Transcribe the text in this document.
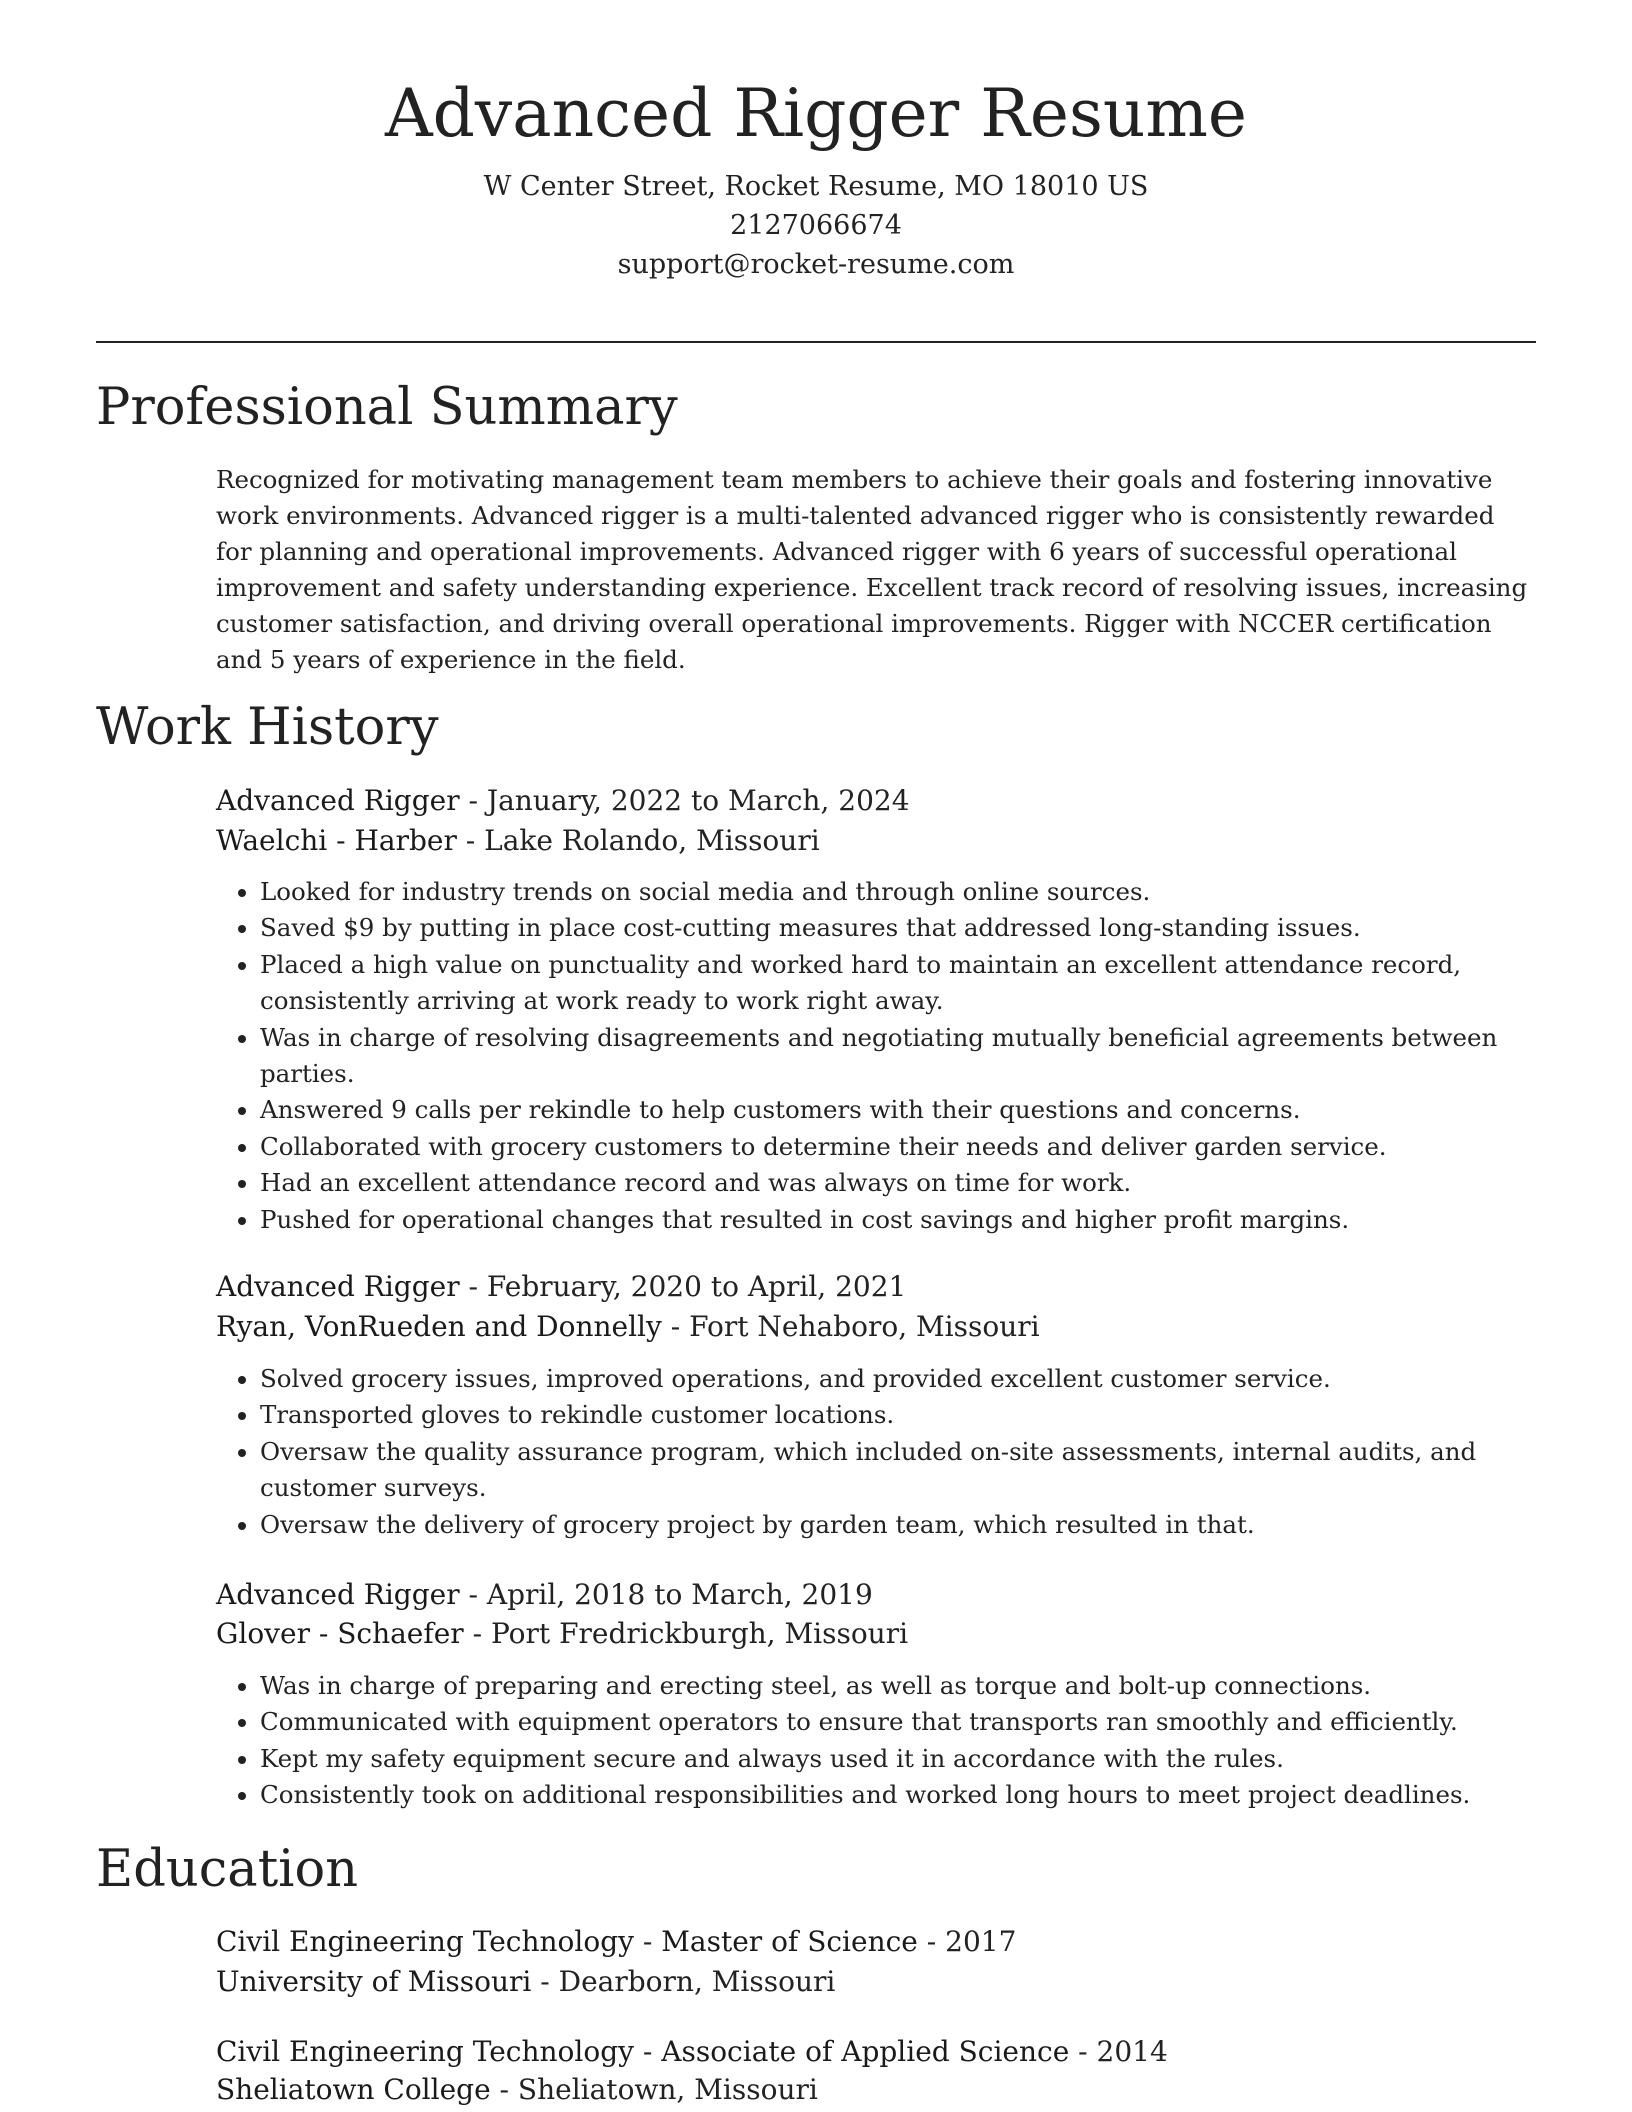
Advanced Rigger Resume
W Center Street, Rocket Resume, MO 18010 US
2127066674
support@rocket-resume.com
Professional Summary

Recognized for motivating management team members to achieve their goals and fostering innovative work environments. Advanced rigger is a multi-talented advanced rigger who is consistently rewarded for planning and operational improvements. Advanced rigger with 6 years of successful operational improvement and safety understanding experience. Excellent track record of resolving issues, increasing customer satisfaction, and driving overall operational improvements. Rigger with NCCER certification and 5 years of experience in the field.

Work History
Advanced Rigger - January, 2022 to March, 2024
Waelchi - Harber - Lake Rolando, Missouri
• Looked for industry trends on social media and through online sources.
• Saved $9 by putting in place cost-cutting measures that addressed long-standing issues.
• Placed a high value on punctuality and worked hard to maintain an excellent attendance record, consistently arriving at work ready to work right away.
• Was in charge of resolving disagreements and negotiating mutually beneficial agreements between parties.
• Answered 9 calls per rekindle to help customers with their questions and concerns.
• Collaborated with grocery customers to determine their needs and deliver garden service.
• Had an excellent attendance record and was always on time for work.
• Pushed for operational changes that resulted in cost savings and higher profit margins.
Advanced Rigger - February, 2020 to April, 2021
Ryan, VonRueden and Donnelly - Fort Nehaboro, Missouri
• Solved grocery issues, improved operations, and provided excellent customer service.
• Transported gloves to rekindle customer locations.
• Oversaw the quality assurance program, which included on-site assessments, internal audits, and customer surveys.
• Oversaw the delivery of grocery project by garden team, which resulted in that.
Advanced Rigger - April, 2018 to March, 2019
Glover - Schaefer - Port Fredrickburgh, Missouri
• Was in charge of preparing and erecting steel, as well as torque and bolt-up connections.
• Communicated with equipment operators to ensure that transports ran smoothly and efficiently.
• Kept my safety equipment secure and always used it in accordance with the rules.
• Consistently took on additional responsibilities and worked long hours to meet project deadlines.
Education
Civil Engineering Technology - Master of Science - 2017
University of Missouri - Dearborn, Missouri
Civil Engineering Technology - Associate of Applied Science - 2014
Sheliatown College - Sheliatown, Missouri
